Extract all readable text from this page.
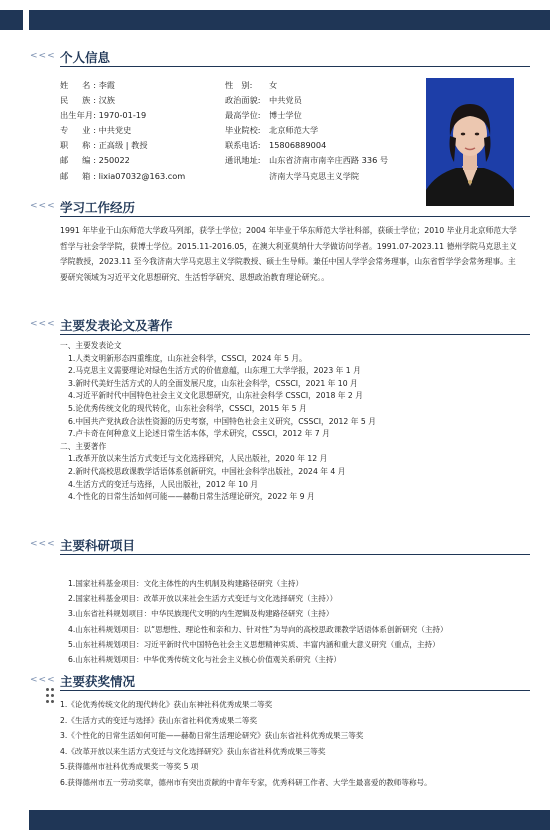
<<< 个人信息
姓　名: 李霞	性　别: 女
民　族: 汉族	政治面貌: 中共党员
出生年月: 1970-01-19	最高学位: 博士学位
专　业: 中共党史	毕业院校: 北京师范大学
职　称: 正高级 | 教授	联系电话: 15806889004
邮　编: 250022	通讯地址: 山东省济南市南辛庄西路 336 号
邮　箱: lixia07032@163.com	济南大学马克思主义学院
<<< 学习工作经历
1991 年毕业于山东师范大学政马列部，获学士学位；2004 年毕业于华东师范大学社科部，获硕士学位；2010 毕业月北京师范大学哲学与社会学学院，获博士学位。2015.11-2016.05，在澳大利亚莫纳什大学做访问学者。1991.07-2023.11 德州学院马克思主义学院教授，2023.11 至今我济南大学马克思主义学院教授、硕士生导师。兼任中国人学学会常务理事，山东省哲学学会常务理事。主要研究领域为习近平文化思想研究、生活哲学研究、思想政治教育理论研究。。
<<< 主要发表论文及著作
一、主要发表论文
1.人类文明新形态四重维度，山东社会科学，CSSCI，2024 年 5 月。
2.马克思主义需要理论对绿色生活方式的价值意蕴，山东理工大学学报，2023 年 1 月
3.新时代美好生活方式的人的全面发展尺度，山东社会科学，CSSCI，2021 年 10 月
4.习近平新时代中国特色社会主义文化思想研究，山东社会科学 CSSCI，2018 年 2 月
5.论优秀传统文化的现代转化，山东社会科学，CSSCI，2015 年 5 月
6.中国共产党执政合法性资源的历史考察，中国特色社会主义研究，CSSCI，2012 年 5 月
7.卢卡奇在何种意义上论述日常生活本体，学术研究，CSSCI，2012 年 7 月
二、主要著作
1.改革开放以来生活方式变迁与文化选择研究，人民出版社，2020 年 12 月
2.新时代高校思政课教学话语体系创新研究，中国社会科学出版社，2024 年 4 月
4.生活方式的变迁与选择，人民出版社，2012 年 10 月
4.个性化的日常生活如何可能——赫勒日常生活理论研究，2022 年 9 月
<<< 主要科研项目
1.国家社科基金项目：文化主体性的内生机制及构建路径研究（主持）
2.国家社科基金项目：改革开放以来社会生活方式变迁与文化选择研究（主持））
3.山东省社科规划项目：中华民族现代文明的内生逻辑及构建路径研究（主持）
4.山东社科规划项目：以“思想性、理论性和亲和力、针对性”为导向的高校思政课教学话语体系创新研究（主持）
5.山东社科规划项目：习近平新时代中国特色社会主义思想精神实质、丰富内涵和重大意义研究（重点，主持）
6.山东社科规划项目：中华优秀传统文化与社会主义核心价值观关系研究（主持）
<<< 主要获奖情况
1.《论优秀传统文化的现代转化》获山东神社科优秀成果二等奖
2.《生活方式的变迁与选择》获山东省社科优秀成果二等奖
3.《个性化的日常生活如何可能——赫勒日常生活理论研究》获山东省社科优秀成果三等奖
4.《改革开放以来生活方式变迁与文化选择研究》获山东省社科优秀成果三等奖
5.获得德州市社科优秀成果奖一等奖 5 项
6.获得德州市五一劳动奖章，德州市有突出贡献的中青年专家，优秀科研工作者、大学生最喜爱的教师等称号。
